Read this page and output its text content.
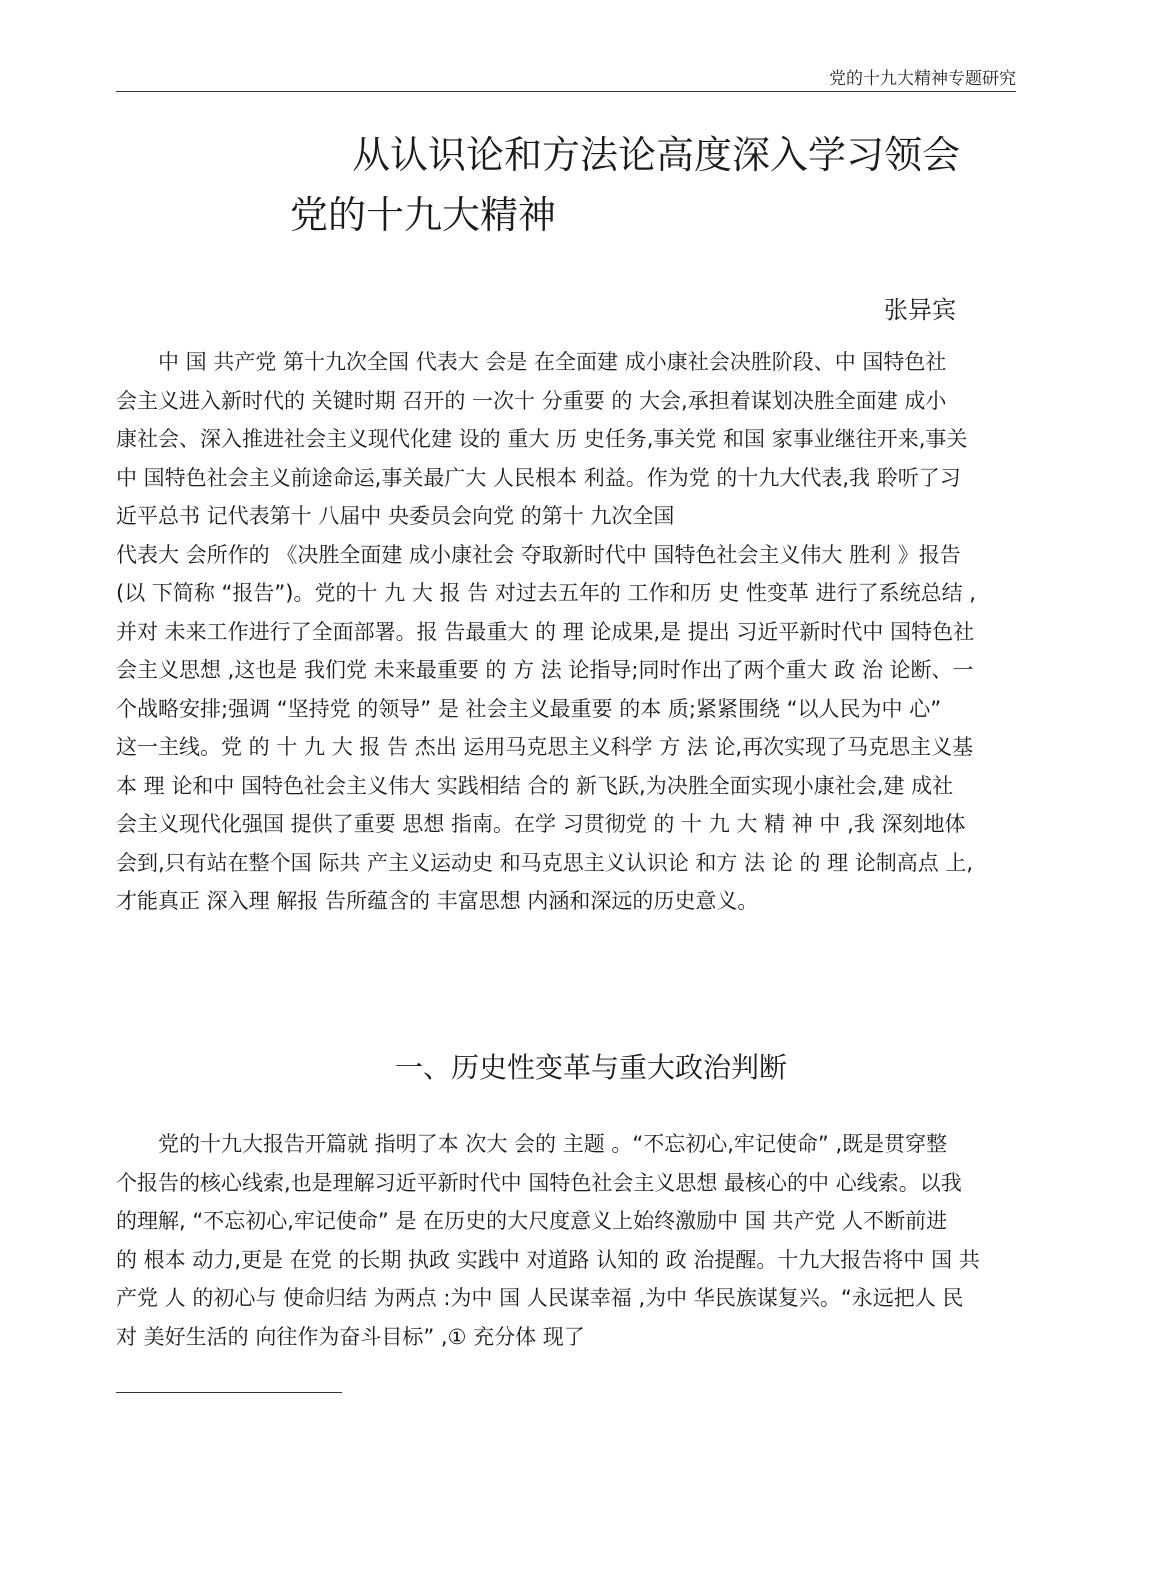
党的十九大精神专题研究
从认识论和方法论高度深入学习领会
党的十九大精神
张异宾
　　中 国 共产党 第十九次全国 代表大 会是 在全面建 成小康社会决胜阶段、中 国特色社
会主义进入新时代的 关键时期 召开的 一次十 分重要 的 大会,承担着谋划决胜全面建 成小
康社会、深入推进社会主义现代化建 设的 重大 历 史任务,事关党 和国 家事业继往开来,事关
中 国特色社会主义前途命运,事关最广大 人民根本 利益。作为党 的十九大代表,我 聆听了习
近平总书 记代表第十 八届中 央委员会向党 的第十 九次全国
代表大 会所作的 《决胜全面建 成小康社会 夺取新时代中 国特色社会主义伟大 胜利 》报告
(以 下简称 “报告”)。党的十 九 大 报 告 对过去五年的 工作和历 史 性变革 进行了系统总结 ,
并对 未来工作进行了全面部署。报 告最重大 的 理 论成果,是 提出 习近平新时代中 国特色社
会主义思想 ,这也是 我们党 未来最重要 的 方 法 论指导;同时作出了两个重大 政 治 论断、一
个战略安排;强调 “坚持党 的领导” 是 社会主义最重要 的本 质;紧紧围绕 “以人民为中 心”
这一主线。党 的 十 九 大 报 告 杰出 运用马克思主义科学 方 法 论,再次实现了马克思主义基
本 理 论和中 国特色社会主义伟大 实践相结 合的 新飞跃,为决胜全面实现小康社会,建 成社
会主义现代化强国 提供了重要 思想 指南。在学 习贯彻党 的 十 九 大 精 神 中 ,我 深刻地体
会到,只有站在整个国 际共 产主义运动史 和马克思主义认识论 和方 法 论 的 理 论制高点 上,
才能真正 深入理 解报 告所蕴含的 丰富思想 内涵和深远的历史意义。
一、历史性变革与重大政治判断
　　党的十九大报告开篇就 指明了本 次大 会的 主题 。“不忘初心,牢记使命” ,既是贯穿整
个报告的核心线索,也是理解习近平新时代中 国特色社会主义思想 最核心的中 心线索。以我
的理解, “不忘初心,牢记使命” 是 在历史的大尺度意义上始终激励中 国 共产党 人不断前进
的 根本 动力,更是 在党 的长期 执政 实践中 对道路 认知的 政 治提醒。十九大报告将中 国 共
产党 人 的初心与 使命归结 为两点 :为中 国 人民谋幸福 ,为中 华民族谋复兴。“永远把人 民
对 美好生活的 向往作为奋斗目标” ,① 充分体 现了
